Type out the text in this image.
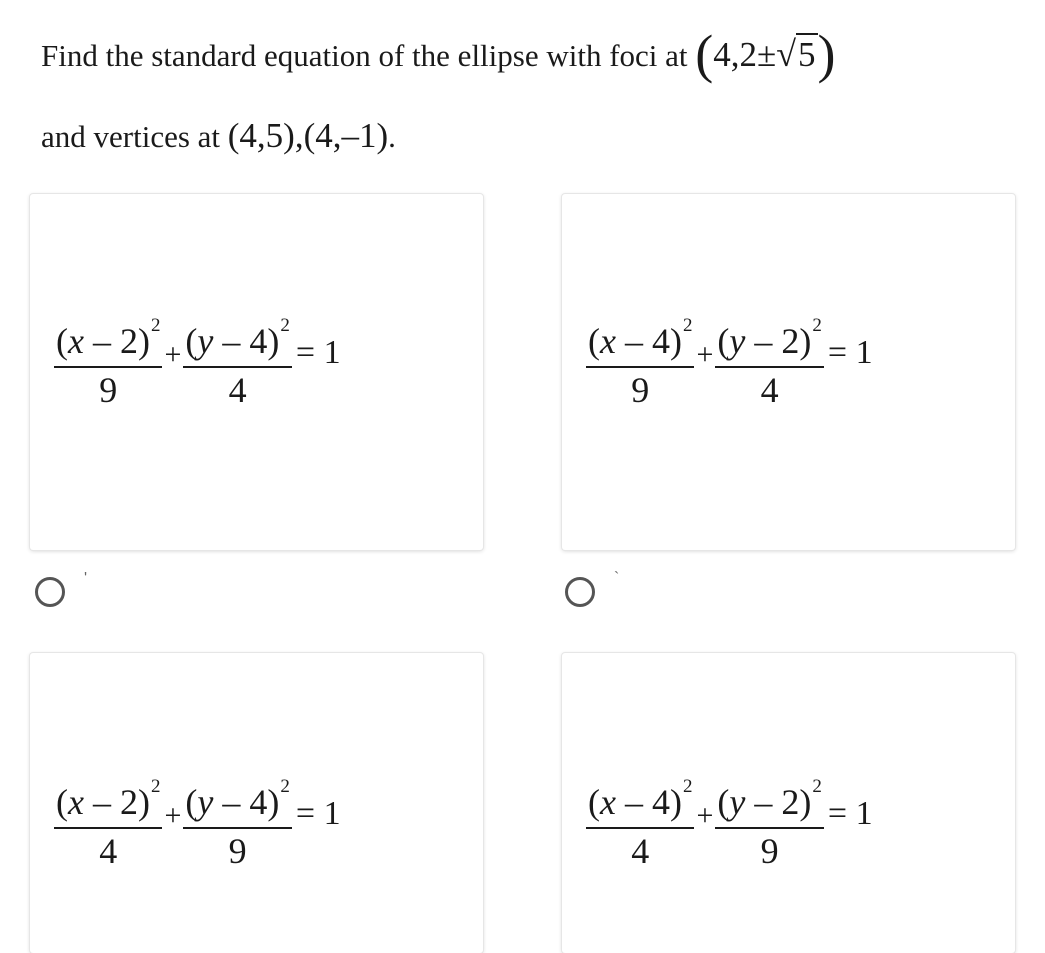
Find the standard equation of the ellipse with foci at (4,2±√5)
and vertices at (4,5),(4,–1).
$\frac{(x - 2)^2}{9} + \frac{(y - 4)^2}{4} = 1$	$\frac{(x - 4)^2}{9} + \frac{(y - 2)^2}{4} = 1$
'	`
$\frac{(x - 2)^2}{4} + \frac{(y - 4)^2}{9} = 1$	$\frac{(x - 4)^2}{4} + \frac{(y - 2)^2}{9} = 1$
